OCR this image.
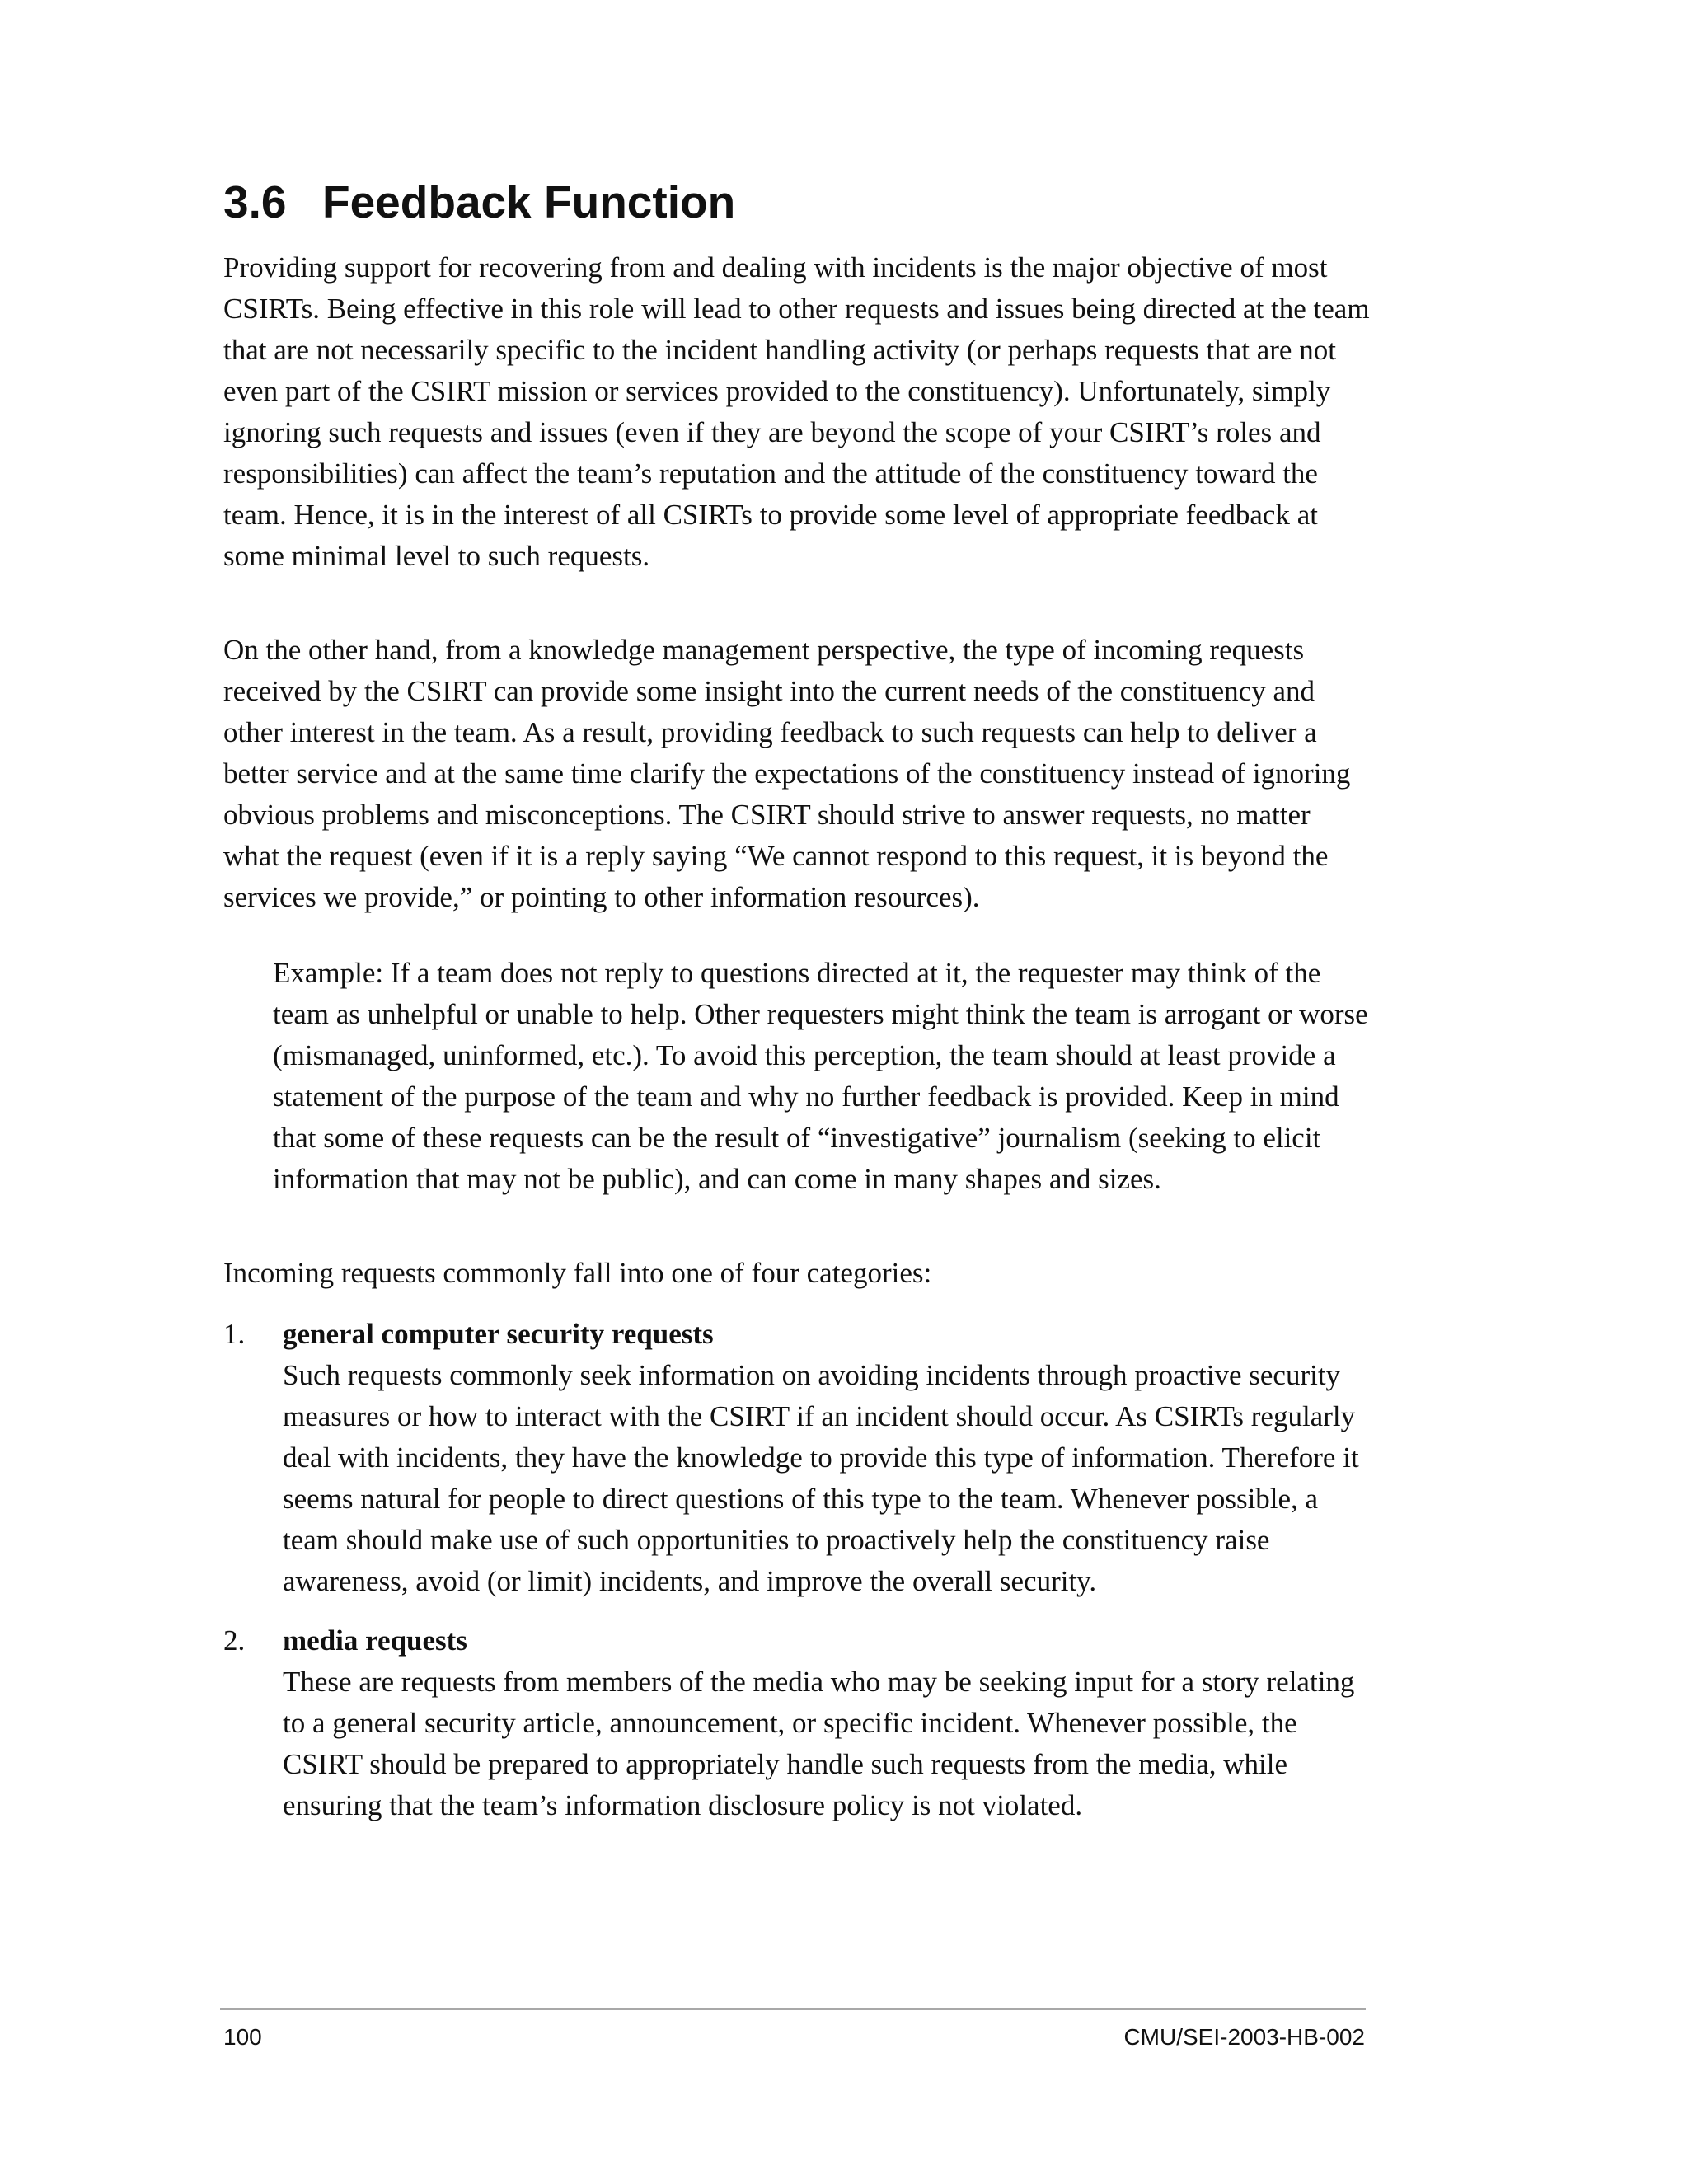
3.6 Feedback Function

Providing support for recovering from and dealing with incidents is the major objective of most CSIRTs. Being effective in this role will lead to other requests and issues being directed at the team that are not necessarily specific to the incident handling activity (or perhaps requests that are not even part of the CSIRT mission or services provided to the constituency). Unfortunately, simply ignoring such requests and issues (even if they are beyond the scope of your CSIRT’s roles and responsibilities) can affect the team’s reputation and the attitude of the constituency toward the team. Hence, it is in the interest of all CSIRTs to provide some level of appropriate feedback at some minimal level to such requests.

On the other hand, from a knowledge management perspective, the type of incoming requests received by the CSIRT can provide some insight into the current needs of the constituency and other interest in the team. As a result, providing feedback to such requests can help to deliver a better service and at the same time clarify the expectations of the constituency instead of ignoring obvious problems and misconceptions. The CSIRT should strive to answer requests, no matter what the request (even if it is a reply saying “We cannot respond to this request, it is beyond the services we provide,” or pointing to other information resources).

Example: If a team does not reply to questions directed at it, the requester may think of the team as unhelpful or unable to help. Other requesters might think the team is arrogant or worse (mismanaged, uninformed, etc.). To avoid this perception, the team should at least provide a statement of the purpose of the team and why no further feedback is provided. Keep in mind that some of these requests can be the result of “investigative” journalism (seeking to elicit information that may not be public), and can come in many shapes and sizes.

Incoming requests commonly fall into one of four categories:

1. general computer security requests
Such requests commonly seek information on avoiding incidents through proactive security measures or how to interact with the CSIRT if an incident should occur. As CSIRTs regularly deal with incidents, they have the knowledge to provide this type of information. Therefore it seems natural for people to direct questions of this type to the team. Whenever possible, a team should make use of such opportunities to proactively help the constituency raise awareness, avoid (or limit) incidents, and improve the overall security.
2. media requests
These are requests from members of the media who may be seeking input for a story relating to a general security article, announcement, or specific incident. Whenever possible, the CSIRT should be prepared to appropriately handle such requests from the media, while ensuring that the team’s information disclosure policy is not violated.
100	CMU/SEI-2003-HB-002
